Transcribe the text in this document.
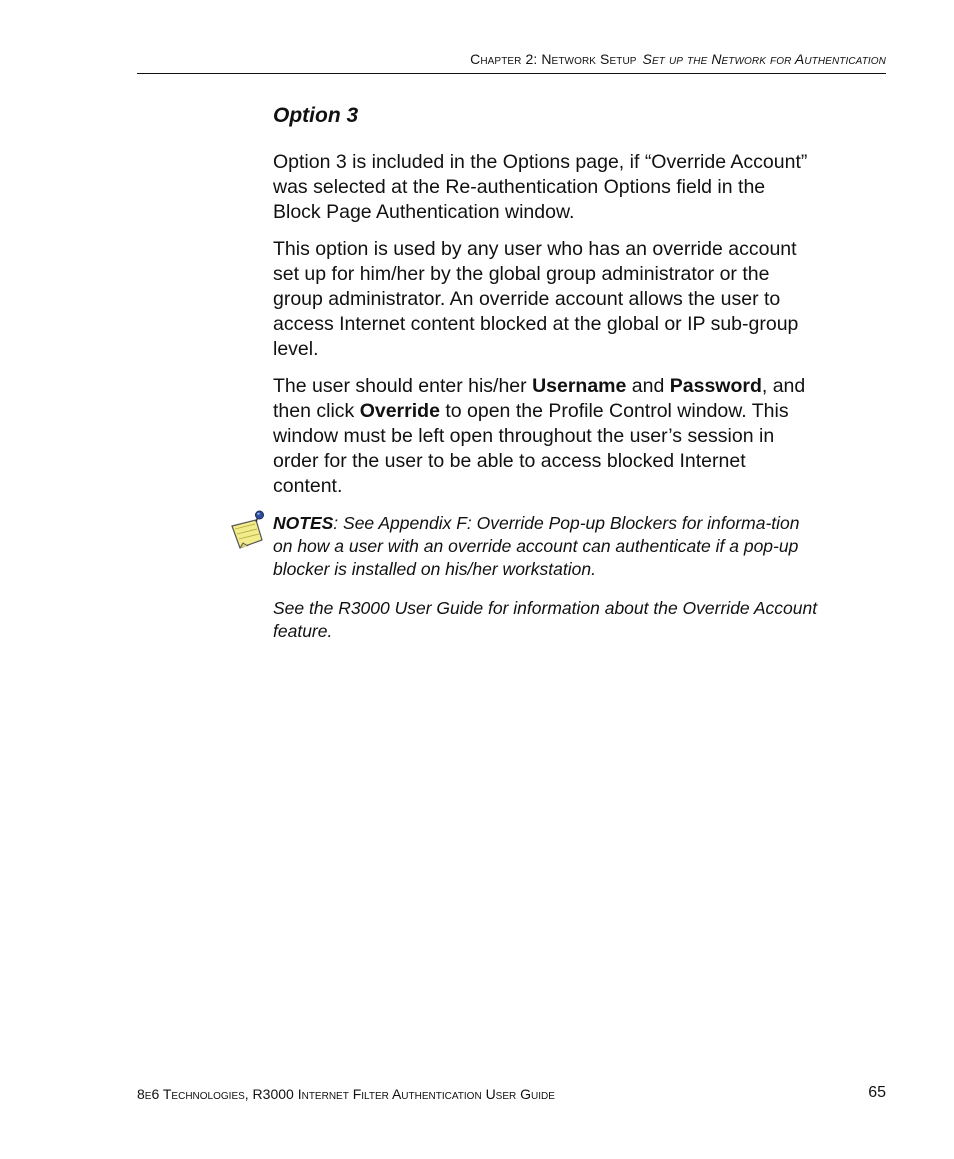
Chapter 2: Network Setup Set up the Network for Authentication
Option 3

Option 3 is included in the Options page, if “Override Account” was selected at the Re-authentication Options field in the Block Page Authentication window.

This option is used by any user who has an override account set up for him/her by the global group administrator or the group administrator. An override account allows the user to access Internet content blocked at the global or IP sub-group level.

The user should enter his/her Username and Password, and then click Override to open the Profile Control window. This window must be left open throughout the user’s session in order for the user to be able to access blocked Internet content.

NOTES: See Appendix F: Override Pop-up Blockers for informa-tion on how a user with an override account can authenticate if a pop-up blocker is installed on his/her workstation.

See the R3000 User Guide for information about the Override Account feature.

8e6 Technologies, R3000 Internet Filter Authentication User Guide	65
